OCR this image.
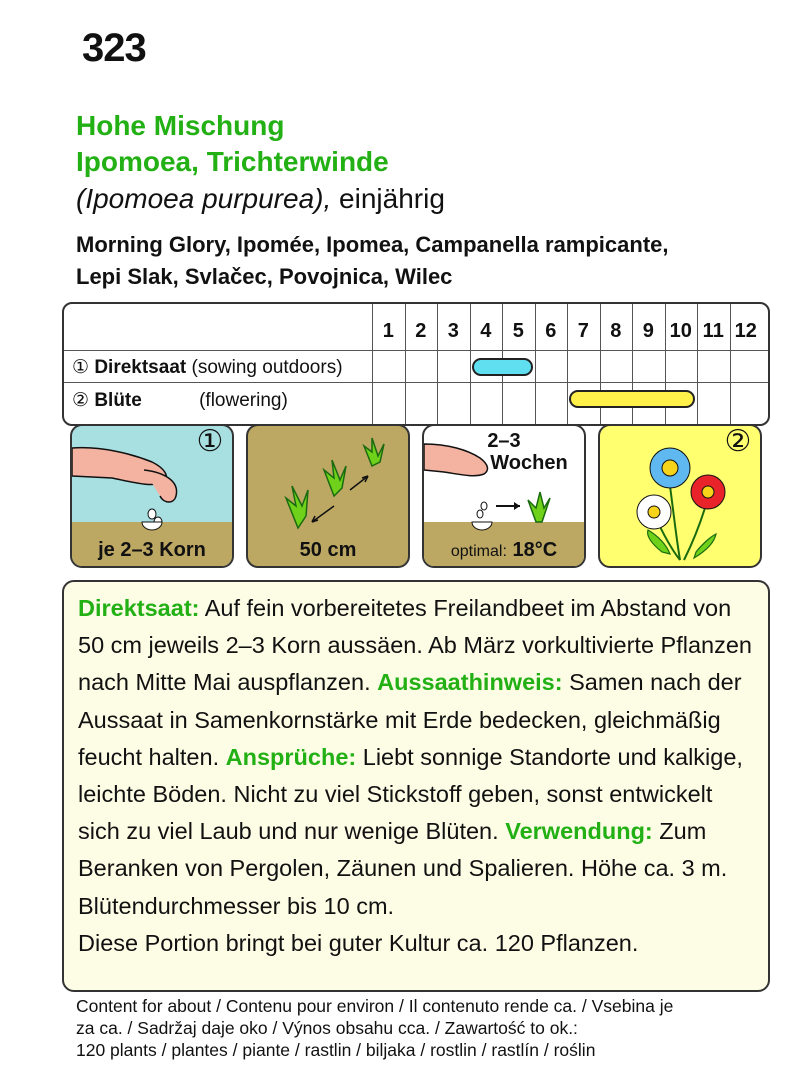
323
Hohe Mischung
Ipomoea, Trichterwinde
(Ipomoea purpurea), einjährig
Morning Glory, Ipomée, Ipomea, Campanella rampicante,
Lepi Slak, Svlačec, Povojnica, Wilec
1	2	3	4	5	6	7	8	9 10 11 12
① Direktsaat (sowing outdoors)
② Blüte	(flowering)
①
je 2–3 Korn	50 cm
2–3
Wochen
optimal: 18°C
②
Direktsaat: Auf fein vorbereitetes Freilandbeet im Abstand von 50 cm jeweils 2–3 Korn aussäen. Ab März vorkultivierte Pflanzen nach Mitte Mai auspflanzen. Aussaathinweis: Samen nach der Aussaat in Samenkornstärke mit Erde bedecken, gleichmäßig feucht halten. Ansprüche: Liebt sonnige Standorte und kalkige, leichte Böden. Nicht zu viel Stickstoff geben, sonst entwickelt sich zu viel Laub und nur wenige Blüten. Verwendung: Zum Beranken von Pergolen, Zäunen und Spalieren. Höhe ca. 3 m. Blütendurchmesser bis 10 cm.
Diese Portion bringt bei guter Kultur ca. 120 Pflanzen.
Content for about / Contenu pour environ / Il contenuto rende ca. / Vsebina je
za ca. / Sadržaj daje oko / Výnos obsahu cca. / Zawartość to ok.:
120 plants / plantes / piante / rastlin / biljaka / rostlin / rastlín / roślin
